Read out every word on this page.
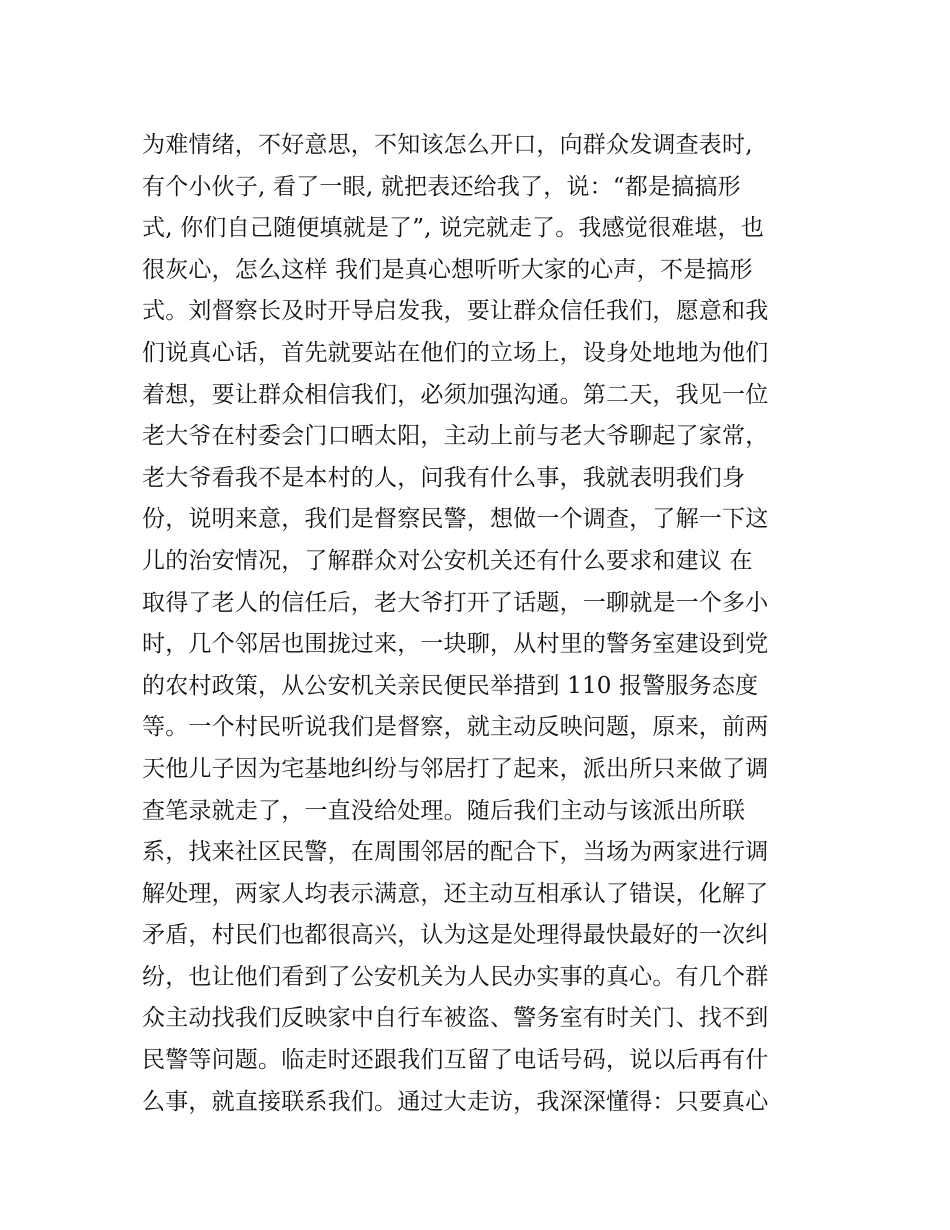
为难情绪，不好意思，不知该怎么开口，向群众发调查表时,
有个小伙子, 看了一眼, 就把表还给我了，说：“都是搞搞形
式, 你们自己随便填就是了”, 说完就走了。我感觉很难堪，也
很灰心，怎么这样 我们是真心想听听大家的心声，不是搞形
式。刘督察长及时开导启发我，要让群众信任我们，愿意和我
们说真心话，首先就要站在他们的立场上，设身处地地为他们
着想，要让群众相信我们，必须加强沟通。第二天，我见一位
老大爷在村委会门口晒太阳，主动上前与老大爷聊起了家常，
老大爷看我不是本村的人，问我有什么事，我就表明我们身
份，说明来意，我们是督察民警，想做一个调查，了解一下这
儿的治安情况，了解群众对公安机关还有什么要求和建议 在
取得了老人的信任后，老大爷打开了话题，一聊就是一个多小
时，几个邻居也围拢过来，一块聊，从村里的警务室建设到党
的农村政策，从公安机关亲民便民举措到 110 报警服务态度
等。一个村民听说我们是督察，就主动反映问题，原来，前两
天他儿子因为宅基地纠纷与邻居打了起来，派出所只来做了调
查笔录就走了，一直没给处理。随后我们主动与该派出所联
系，找来社区民警，在周围邻居的配合下，当场为两家进行调
解处理，两家人均表示满意，还主动互相承认了错误，化解了
矛盾，村民们也都很高兴，认为这是处理得最快最好的一次纠
纷，也让他们看到了公安机关为人民办实事的真心。有几个群
众主动找我们反映家中自行车被盗、警务室有时关门、找不到
民警等问题。临走时还跟我们互留了电话号码，说以后再有什
么事，就直接联系我们。通过大走访，我深深懂得：只要真心
